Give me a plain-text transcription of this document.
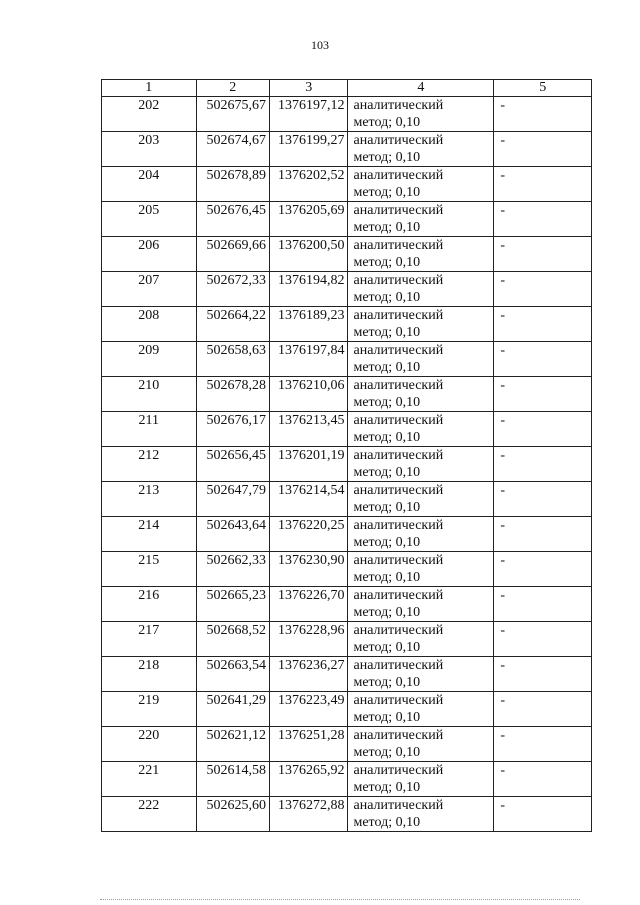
103
1	2	3	4	5
202	502675,67	1376197,12	аналитический
метод; 0,10	-
203	502674,67	1376199,27	аналитический
метод; 0,10	-
204	502678,89	1376202,52	аналитический
метод; 0,10	-
205	502676,45	1376205,69	аналитический
метод; 0,10	-
206	502669,66	1376200,50	аналитический
метод; 0,10	-
207	502672,33	1376194,82	аналитический
метод; 0,10	-
208	502664,22	1376189,23	аналитический
метод; 0,10	-
209	502658,63	1376197,84	аналитический
метод; 0,10	-
210	502678,28	1376210,06	аналитический
метод; 0,10	-
211	502676,17	1376213,45	аналитический
метод; 0,10	-
212	502656,45	1376201,19	аналитический
метод; 0,10	-
213	502647,79	1376214,54	аналитический
метод; 0,10	-
214	502643,64	1376220,25	аналитический
метод; 0,10	-
215	502662,33	1376230,90	аналитический
метод; 0,10	-
216	502665,23	1376226,70	аналитический
метод; 0,10	-
217	502668,52	1376228,96	аналитический
метод; 0,10	-
218	502663,54	1376236,27	аналитический
метод; 0,10	-
219	502641,29	1376223,49	аналитический
метод; 0,10	-
220	502621,12	1376251,28	аналитический
метод; 0,10	-
221	502614,58	1376265,92	аналитический
метод; 0,10	-
222	502625,60	1376272,88	аналитический
метод; 0,10	-
